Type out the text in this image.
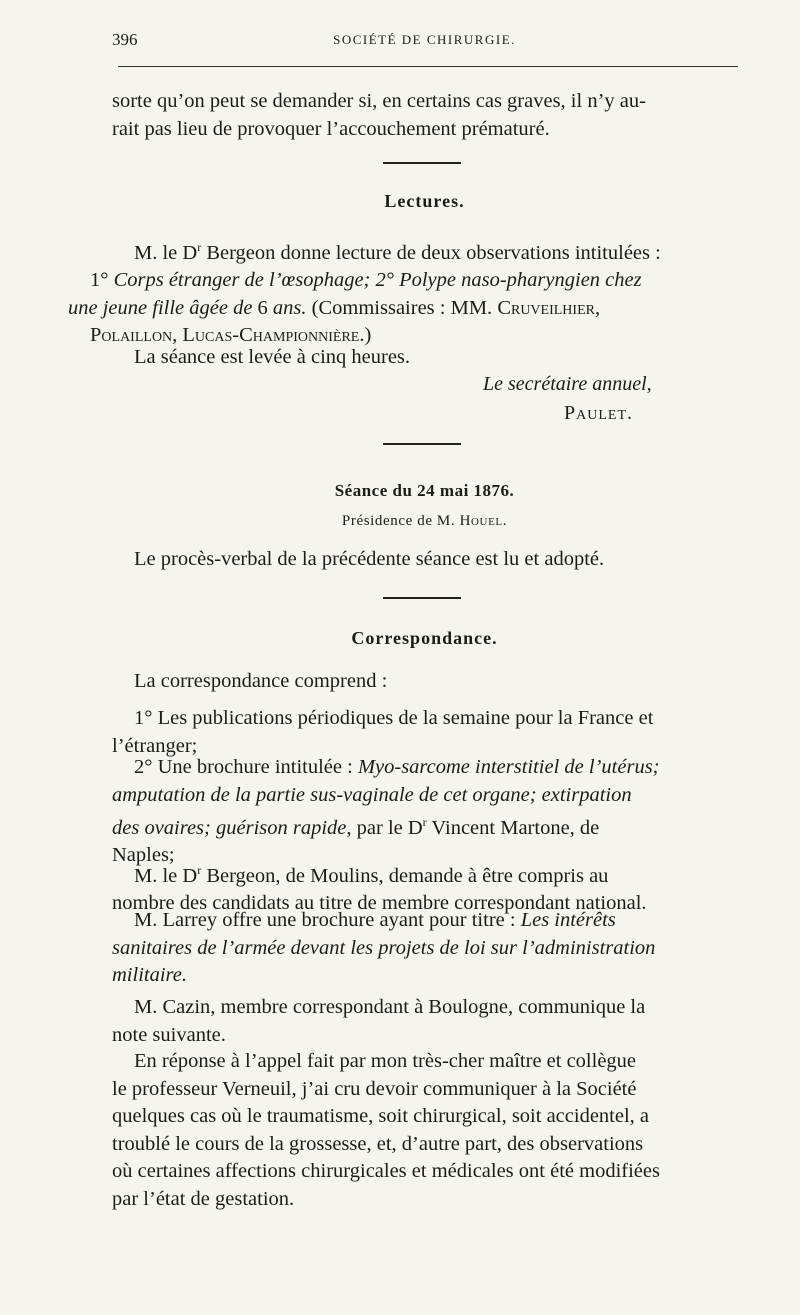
396	SOCIÉTÉ DE CHIRURGIE.

sorte qu’on peut se demander si, en certains cas graves, il n’y au-
rait pas lieu de provoquer l’accouchement prématuré.

Lectures.

M. le $D^r$ Bergeon donne lecture de deux observations intitulées :
1° Corps étranger de l’œsophage; 2° Polype naso-pharyngien chez
une jeune fille âgée de 6 ans. (Commissaires : MM. Cruveilhier,
Polaillon, Lucas-Championnière.)

La séance est levée à cinq heures.

Le secrétaire annuel,
Paulet.
Séance du 24 mai 1876.
Présidence de M. Houel.

Le procès-verbal de la précédente séance est lu et adopté.

Correspondance.

La correspondance comprend :

1° Les publications périodiques de la semaine pour la France et
l’étranger;

2° Une brochure intitulée : Myo-sarcome interstitiel de l’utérus;
amputation de la partie sus-vaginale de cet organe; extirpation
des ovaires; guérison rapide, par le $D^r$ Vincent Martone, de
Naples;

M. le $D^r$ Bergeon, de Moulins, demande à être compris au
nombre des candidats au titre de membre correspondant national.

M. Larrey offre une brochure ayant pour titre : Les intérêts
sanitaires de l’armée devant les projets de loi sur l’administration
militaire.

M. Cazin, membre correspondant à Boulogne, communique la
note suivante.

En réponse à l’appel fait par mon très-cher maître et collègue
le professeur Verneuil, j’ai cru devoir communiquer à la Société
quelques cas où le traumatisme, soit chirurgical, soit accidentel, a
troublé le cours de la grossesse, et, d’autre part, des observations
où certaines affections chirurgicales et médicales ont été modifiées
par l’état de gestation.
